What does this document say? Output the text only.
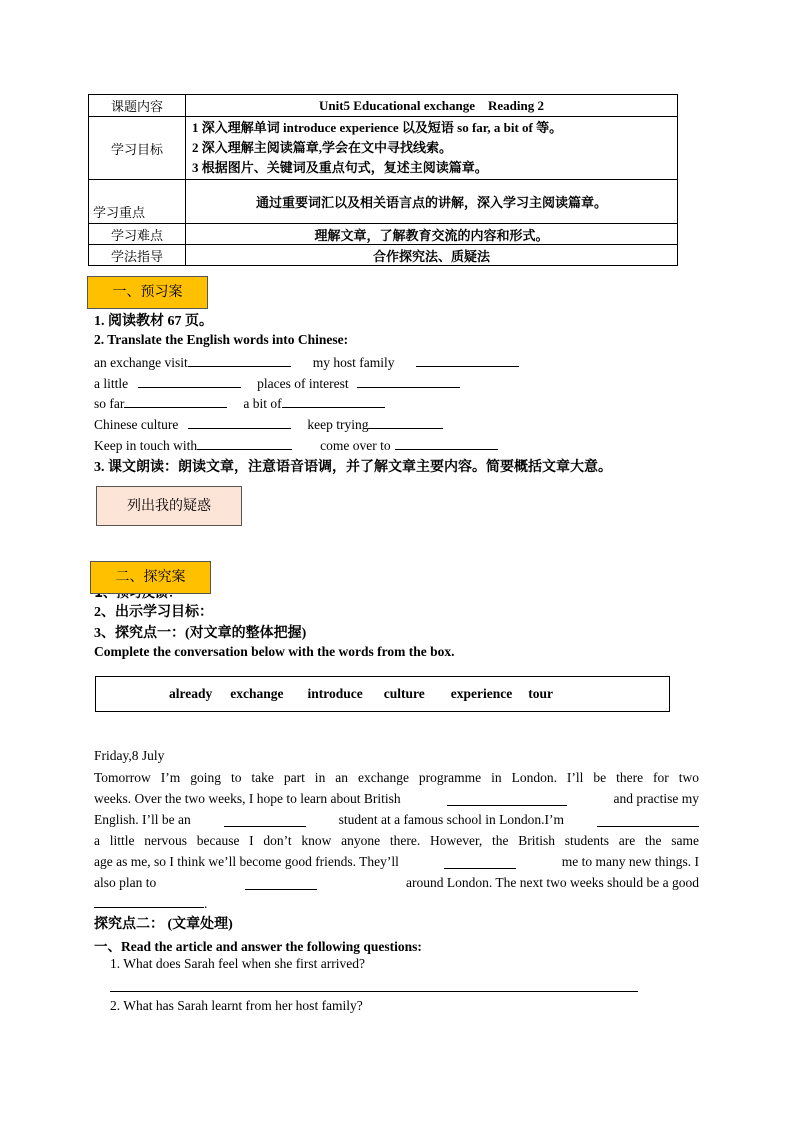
课题内容	Unit5 Educational exchange    Reading 2
学习目标	1 深入理解单词 introduce experience 以及短语 so far, a bit of 等。
2 深入理解主阅读篇章,学会在文中寻找线索。
3 根据图片、关键词及重点句式，复述主阅读篇章。

学习重点	通过重要词汇以及相关语言点的讲解，深入学习主阅读篇章。
学习难点	理解文章，了解教育交流的内容和形式。
学法指导	合作探究法、质疑法
一、预习案
1. 阅读教材 67 页。
2. Translate the English words into Chinese:
an exchange visit	my host family
a little	places of interest
so far	a bit of
Chinese culture	keep trying
Keep in touch with	come over to
3. 课文朗读：朗读文章，注意语音语调，并了解文章主要内容。简要概括文章大意。
列出我的疑惑
二、探究案
2、出示学习目标：
3、探究点一：(对文章的整体把握)
Complete the conversation below with the words from the box.
already exchange introduce culture experience tour
Friday,8 July
Tomorrow I’m going to take part in an exchange programme in London. I’ll be there for two
weeks. Over the two weeks, I hope to learn about British	and practise my
English. I’ll be an	student at a famous school in London.I’m
a little nervous because I don’t know anyone there. However, the British students are the same
age as me, so I think we’ll become good friends. They’ll	me to many new things. I
also plan to	around London. The next two weeks should be a good
.
探究点二： (文章处理)
一、Read the article and answer the following questions:
1. What does Sarah feel when she first arrived?
2. What has Sarah learnt from her host family?
